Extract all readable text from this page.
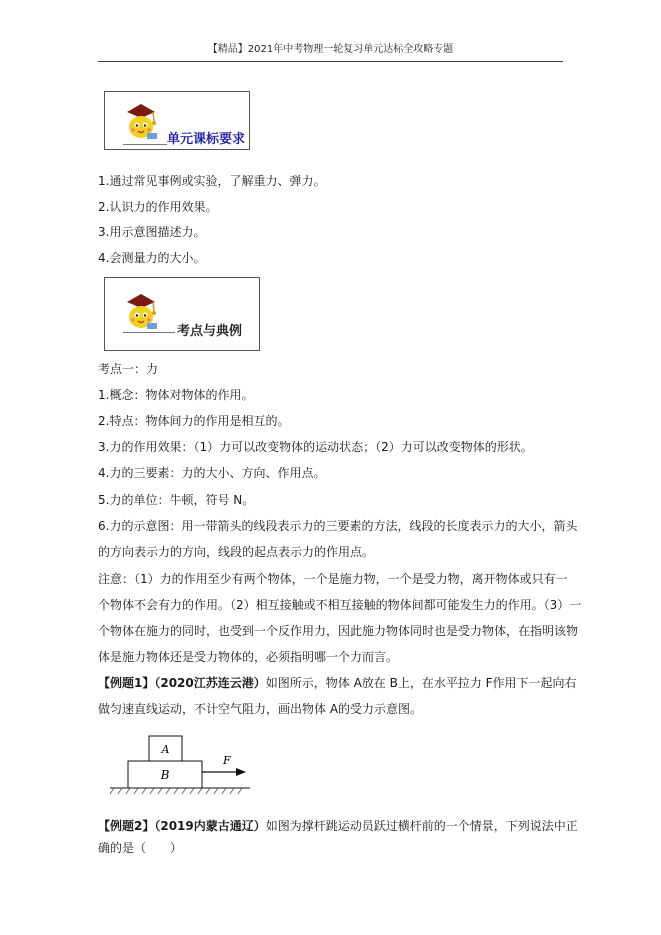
【精品】2021年中考物理一轮复习单元达标全攻略专题
单元课标要求
1.通过常见事例或实验，了解重力、弹力。
2.认识力的作用效果。
3.用示意图描述力。
4.会测量力的大小。
考点与典例
考点一：力
1.概念：物体对物体的作用。
2.特点：物体间力的作用是相互的。
3.力的作用效果：（1）力可以改变物体的运动状态；（2）力可以改变物体的形状。
4.力的三要素：力的大小、方向、作用点。
5.力的单位：牛顿，符号 N。
6.力的示意图：用一带箭头的线段表示力的三要素的方法，线段的长度表示力的大小，箭头
的方向表示力的方向，线段的起点表示力的作用点。
注意：（1）力的作用至少有两个物体，一个是施力物，一个是受力物，离开物体或只有一
个物体不会有力的作用。（2）相互接触或不相互接触的物体间都可能发生力的作用。（3）一
个物体在施力的同时，也受到一个反作用力，因此施力物体同时也是受力物体，在指明该物
体是施力物体还是受力物体的，必须指明哪一个力而言。
【例题1】（2020江苏连云港）如图所示，物体 A放在 B上，在水平拉力 F作用下一起向右
做匀速直线运动，不计空气阻力，画出物体 A的受力示意图。
A
B
F
【例题2】（2019内蒙古通辽）如图为撑杆跳运动员跃过横杆前的一个情景，下列说法中正
确的是（　　）
